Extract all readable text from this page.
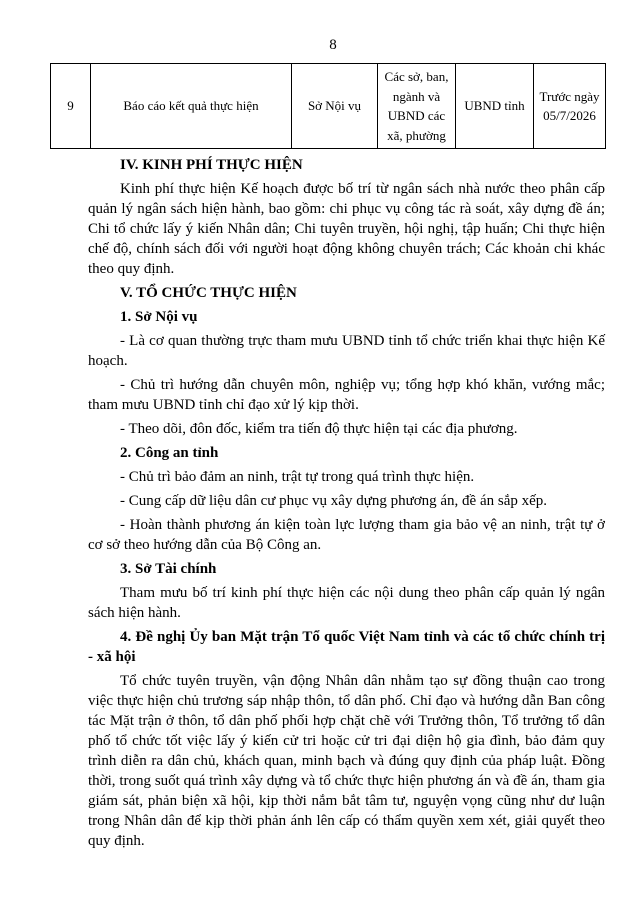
8
9	Báo cáo kết quả thực hiện	Sở Nội vụ	Các sở, ban, ngành và UBND các xã, phường	UBND tỉnh	Trước ngày 05/7/2026

IV. KINH PHÍ THỰC HIỆN

Kinh phí thực hiện Kế hoạch được bố trí từ ngân sách nhà nước theo phân cấp quản lý ngân sách hiện hành, bao gồm: chi phục vụ công tác rà soát, xây dựng đề án; Chi tổ chức lấy ý kiến Nhân dân; Chi tuyên truyền, hội nghị, tập huấn; Chi thực hiện chế độ, chính sách đối với người hoạt động không chuyên trách; Các khoản chi khác theo quy định.

V. TỔ CHỨC THỰC HIỆN

1. Sở Nội vụ

- Là cơ quan thường trực tham mưu UBND tỉnh tổ chức triển khai thực hiện Kế hoạch.

- Chủ trì hướng dẫn chuyên môn, nghiệp vụ; tổng hợp khó khăn, vướng mắc; tham mưu UBND tỉnh chỉ đạo xử lý kịp thời.

- Theo dõi, đôn đốc, kiểm tra tiến độ thực hiện tại các địa phương.

2. Công an tỉnh

- Chủ trì bảo đảm an ninh, trật tự trong quá trình thực hiện.

- Cung cấp dữ liệu dân cư phục vụ xây dựng phương án, đề án sắp xếp.

- Hoàn thành phương án kiện toàn lực lượng tham gia bảo vệ an ninh, trật tự ở cơ sở theo hướng dẫn của Bộ Công an.

3. Sở Tài chính

Tham mưu bố trí kinh phí thực hiện các nội dung theo phân cấp quản lý ngân sách hiện hành.

4. Đề nghị Ủy ban Mặt trận Tổ quốc Việt Nam tỉnh và các tổ chức chính trị - xã hội

Tổ chức tuyên truyền, vận động Nhân dân nhằm tạo sự đồng thuận cao trong việc thực hiện chủ trương sáp nhập thôn, tổ dân phố. Chỉ đạo và hướng dẫn Ban công tác Mặt trận ở thôn, tổ dân phố phối hợp chặt chẽ với Trưởng thôn, Tổ trưởng tổ dân phố tổ chức tốt việc lấy ý kiến cử tri hoặc cử tri đại diện hộ gia đình, bảo đảm quy trình diễn ra dân chủ, khách quan, minh bạch và đúng quy định của pháp luật. Đồng thời, trong suốt quá trình xây dựng và tổ chức thực hiện phương án và đề án, tham gia giám sát, phản biện xã hội, kịp thời nắm bắt tâm tư, nguyện vọng cũng như dư luận trong Nhân dân để kịp thời phản ánh lên cấp có thẩm quyền xem xét, giải quyết theo quy định.
